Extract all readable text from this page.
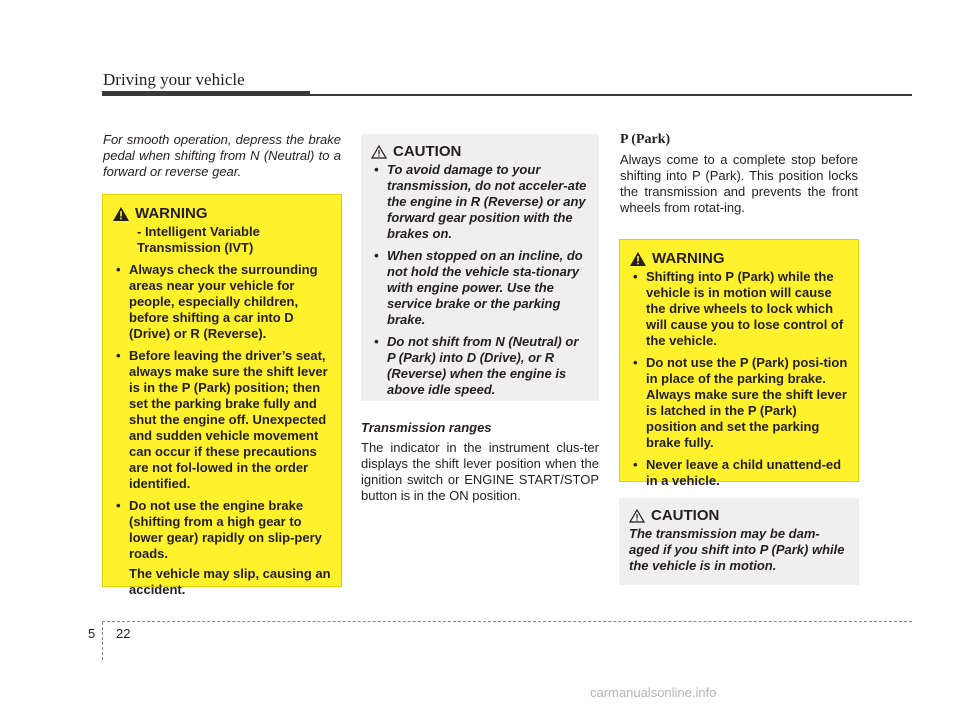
Driving your vehicle
For smooth operation, depress the brake pedal when shifting from N (Neutral) to a forward or reverse gear.
WARNING
- Intelligent Variable Transmission (IVT)
• Always check the surrounding areas near your vehicle for people, especially children, before shifting a car into D (Drive) or R (Reverse).
• Before leaving the driver’s seat, always make sure the shift lever is in the P (Park) position; then set the parking brake fully and shut the engine off. Unexpected and sudden vehicle movement can occur if these precautions are not fol-lowed in the order identified.
• Do not use the engine brake (shifting from a high gear to lower gear) rapidly on slip-pery roads.
The vehicle may slip, causing an accident.
CAUTION
• To avoid damage to your transmission, do not acceler-ate the engine in R (Reverse) or any forward gear position with the brakes on.
• When stopped on an incline, do not hold the vehicle sta-tionary with engine power. Use the service brake or the parking brake.
• Do not shift from N (Neutral) or P (Park) into D (Drive), or R (Reverse) when the engine is above idle speed.
Transmission ranges
The indicator in the instrument clus-ter displays the shift lever position when the ignition switch or ENGINE START/STOP button is in the ON position.
P (Park)
Always come to a complete stop before shifting into P (Park). This position locks the transmission and prevents the front wheels from rotat-ing.
WARNING
• Shifting into P (Park) while the vehicle is in motion will cause the drive wheels to lock which will cause you to lose control of the vehicle.
• Do not use the P (Park) posi-tion in place of the parking brake. Always make sure the shift lever is latched in the P (Park) position and set the parking brake fully.
• Never leave a child unattend-ed in a vehicle.
CAUTION
The transmission may be dam-aged if you shift into P (Park) while the vehicle is in motion.
5 22
carmanualsonline.info
